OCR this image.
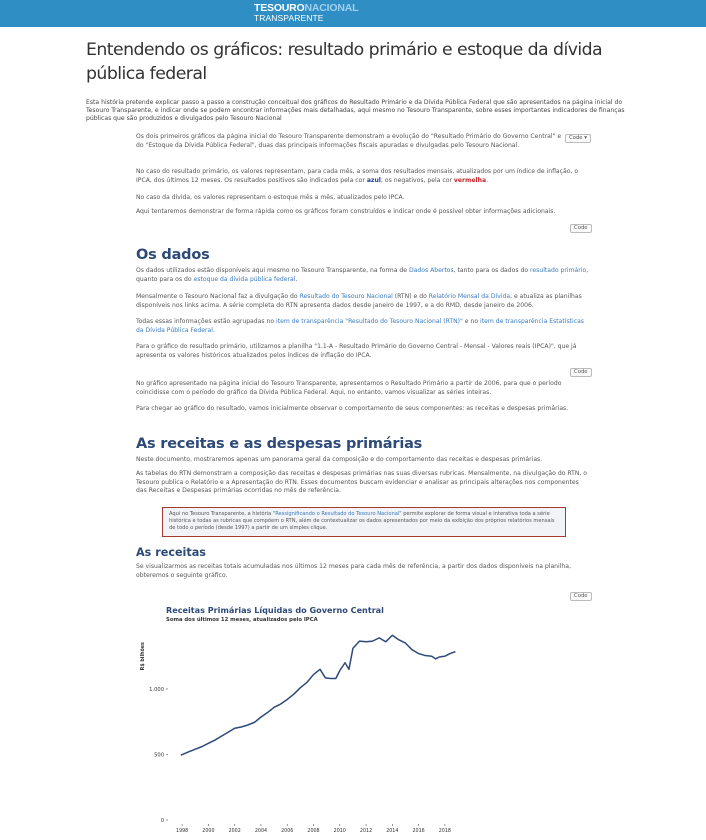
TESOURONACIONAL
TRANSPARENTE
Entendendo os gráficos: resultado primário e estoque da dívida pública federal

Esta história pretende explicar passo a passo a construção conceitual dos gráficos do Resultado Primário e da Dívida Pública Federal que são apresentados na página inicial do Tesouro Transparente, e indicar onde se podem encontrar informações mais detalhadas, aqui mesmo no Tesouro Transparente, sobre esses importantes indicadores de finanças públicas que são produzidos e divulgados pelo Tesouro Nacional

Code ▾

Os dois primeiros gráficos da página inicial do Tesouro Transparente demonstram a evolução do "Resultado Primário do Governo Central" e do "Estoque da Dívida Pública Federal", duas das principais informações fiscais apuradas e divulgadas pelo Tesouro Nacional.

No caso do resultado primário, os valores representam, para cada mês, a soma dos resultados mensais, atualizados por um índice de inflação, o IPCA, dos últimos 12 meses. Os resultados positivos são indicados pela cor azul; os negativos, pela cor vermelha.

No caso da dívida, os valores representam o estoque mês a mês, atualizados pelo IPCA.

Aqui tentaremos demonstrar de forma rápida como os gráficos foram construídos e indicar onde é possível obter informações adicionais.

Code
Os dados

Os dados utilizados estão disponíveis aqui mesmo no Tesouro Transparente, na forma de Dados Abertos, tanto para os dados do resultado primário, quanto para os do estoque da dívida pública federal.

Mensalmente o Tesouro Nacional faz a divulgação do Resultado do Tesouro Nacional (RTN) e do Relatório Mensal da Dívida, e atualiza as planilhas disponíveis nos links acima. A série completa do RTN apresenta dados desde janeiro de 1997, e a do RMD, desde janeiro de 2006.

Todas essas informações estão agrupadas no item de transparência "Resultado do Tesouro Nacional (RTN)" e no item de transparência Estatísticas da Dívida Pública Federal.

Para o gráfico do resultado primário, utilizamos a planilha "1.1-A - Resultado Primário do Governo Central - Mensal - Valores reais (IPCA)", que já apresenta os valores históricos atualizados pelos índices de inflação do IPCA.

Code

No gráfico apresentado na página inicial do Tesouro Transparente, apresentamos o Resultado Primário a partir de 2006, para que o período coincidisse com o período do gráfico da Dívida Pública Federal. Aqui, no entanto, vamos visualizar as séries inteiras.

Para chegar ao gráfico do resultado, vamos inicialmente observar o comportamento de seus componentes: as receitas e despesas primárias.

As receitas e as despesas primárias

Neste documento, mostraremos apenas um panorama geral da composição e do comportamento das receitas e despesas primárias.

As tabelas do RTN demonstram a composição das receitas e despesas primárias nas suas diversas rubricas. Mensalmente, na divulgação do RTN, o Tesouro publica o Relatório e a Apresentação do RTN. Esses documentos buscam evidenciar e analisar as principais alterações nos componentes das Receitas e Despesas primárias ocorridas no mês de referência.

Aqui no Tesouro Transparente, a história "Ressignificando o Resultado do Tesouro Nacional" permite explorar de forma visual e interativa toda a série histórica e todas as rubricas que compõem o RTN, além de contextualizar os dados apresentados por meio da exibição dos próprios relatórios mensais de todo o período (desde 1997) a partir de um simples clique.
As receitas

Se visualizarmos as receitas totais acumuladas nos últimos 12 meses para cada mês de referência, a partir dos dados disponíveis na planilha, obteremos o seguinte gráfico.

Code
Receitas Primárias Líquidas do Governo Central
Soma dos últimos 12 meses, atualizados pelo IPCA
R$ bilhões
0
500
1.000
1998	2000	2002	2004	2006	2008	2010	2012	2014	2016	2018
